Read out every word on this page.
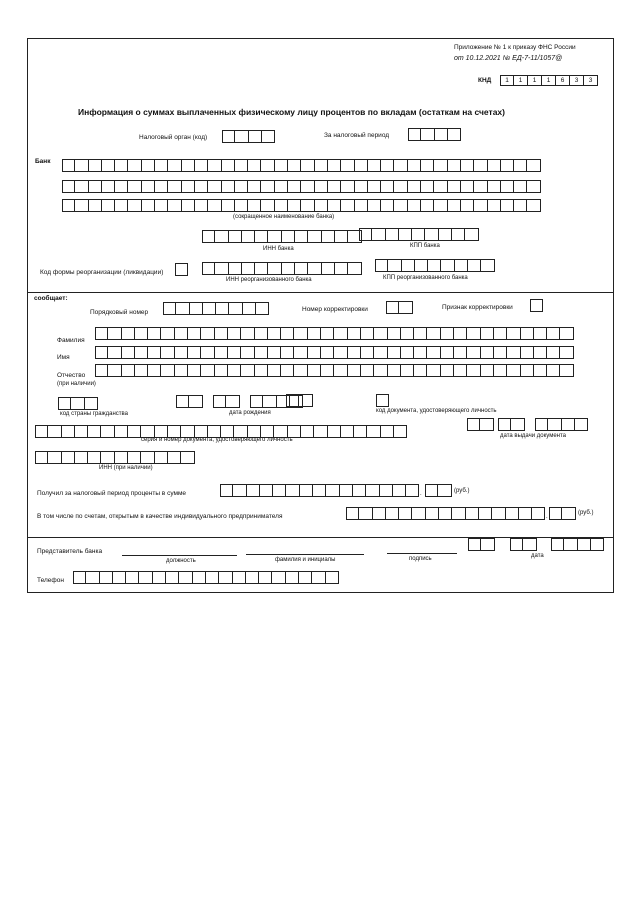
Приложение № 1 к приказу ФНС России
от 10.12.2021 № ЕД-7-11/1057@
КНД	1	1	1	1	6	3	3
Информация о суммах выплаченных физическому лицу процентов по вкладам (остаткам на счетах)
Налоговый орган (код)	За налоговый период
Банк
(сокращенное наименование банка)
ИНН банка	КПП банка
Код формы реорганизации (ликвидации)
ИНН реорганизованного банка	КПП реорганизованного банка
сообщает:
Порядковый номер	Номер корректировки	Признак корректировки
Фамилия
Имя
Отчество
(при наличии)
код страны гражданства	дата рождения	код документа, удостоверяющего личность
серия и номер документа, удостоверяющего личность
дата выдачи документа
ИНН (при наличии)
Получил за налоговый период проценты в сумме	.	(руб.)
В том числе по счетам, открытым в качестве индивидуального предпринимателя	.
(руб.)
Представитель банка
должность	фамилия и инициалы	подпись	дата
Телефон
